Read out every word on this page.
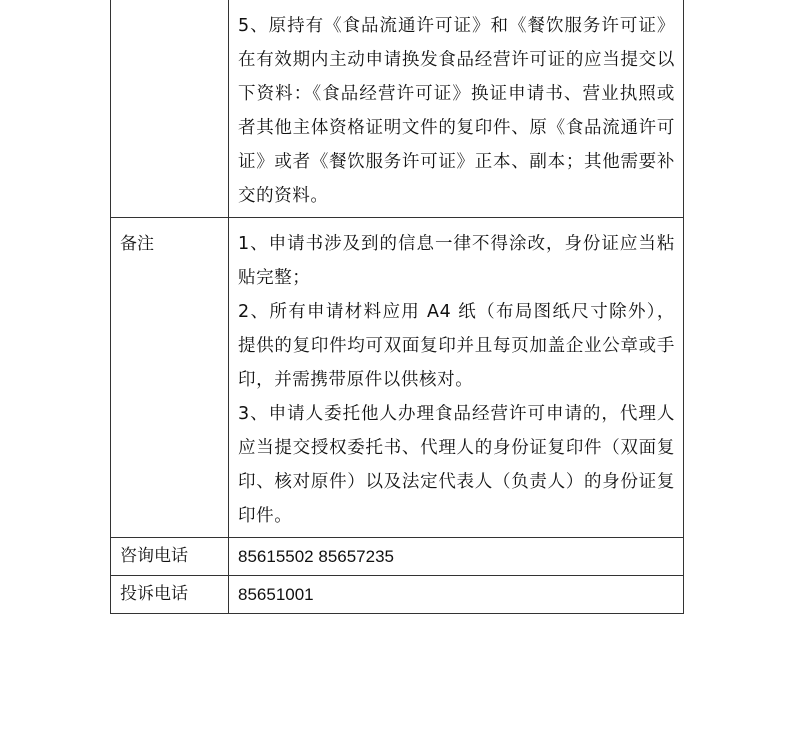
	5、原持有《食品流通许可证》和《餐饮服务许可证》在有效期内主动申请换发食品经营许可证的应当提交以下资料：《食品经营许可证》换证申请书、营业执照或者其他主体资格证明文件的复印件、原《食品流通许可证》或者《餐饮服务许可证》正本、副本；其他需要补交的资料。

备注	1、申请书涉及到的信息一律不得涂改，身份证应当粘贴完整；

2、所有申请材料应用 A4 纸（布局图纸尺寸除外），提供的复印件均可双面复印并且每页加盖企业公章或手印，并需携带原件以供核对。

3、申请人委托他人办理食品经营许可申请的，代理人应当提交授权委托书、代理人的身份证复印件（双面复印、核对原件）以及法定代表人（负责人）的身份证复印件。

咨询电话	85615502 85657235

投诉电话	85651001
